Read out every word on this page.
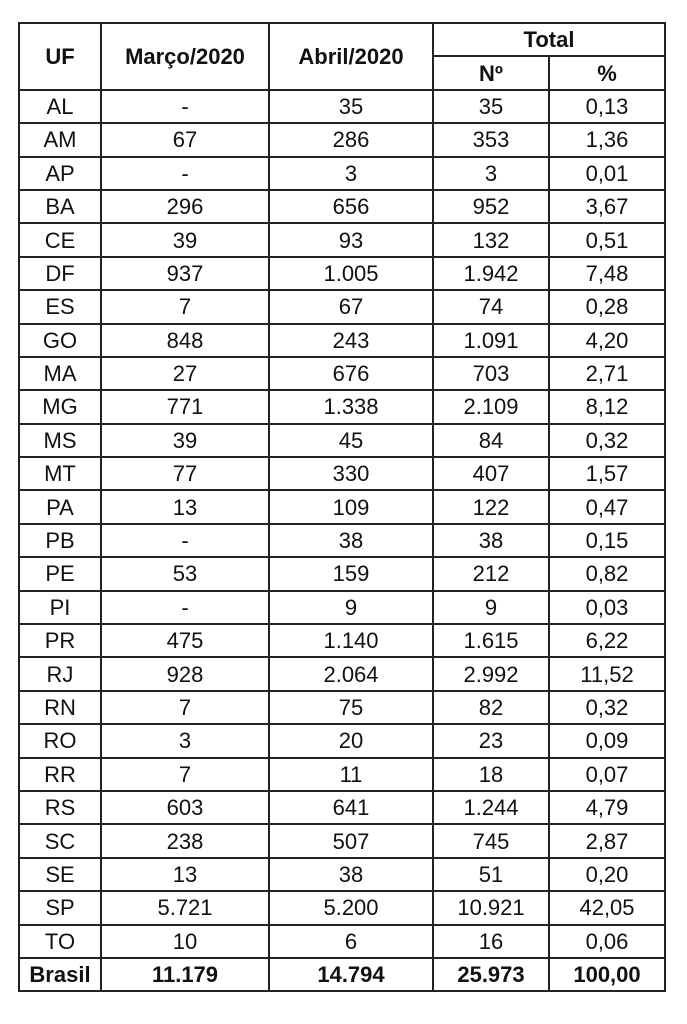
UF	Março/2020	Abril/2020	Total	
			Nº	%
AL	-	35	35	0,13
AM	67	286	353	1,36
AP	-	3	3	0,01
BA	296	656	952	3,67
CE	39	93	132	0,51
DF	937	1.005	1.942	7,48
ES	7	67	74	0,28
GO	848	243	1.091	4,20
MA	27	676	703	2,71
MG	771	1.338	2.109	8,12
MS	39	45	84	0,32
MT	77	330	407	1,57
PA	13	109	122	0,47
PB	-	38	38	0,15
PE	53	159	212	0,82
PI	-	9	9	0,03
PR	475	1.140	1.615	6,22
RJ	928	2.064	2.992	11,52
RN	7	75	82	0,32
RO	3	20	23	0,09
RR	7	11	18	0,07
RS	603	641	1.244	4,79
SC	238	507	745	2,87
SE	13	38	51	0,20
SP	5.721	5.200	10.921	42,05
TO	10	6	16	0,06
Brasil	11.179	14.794	25.973	100,00
